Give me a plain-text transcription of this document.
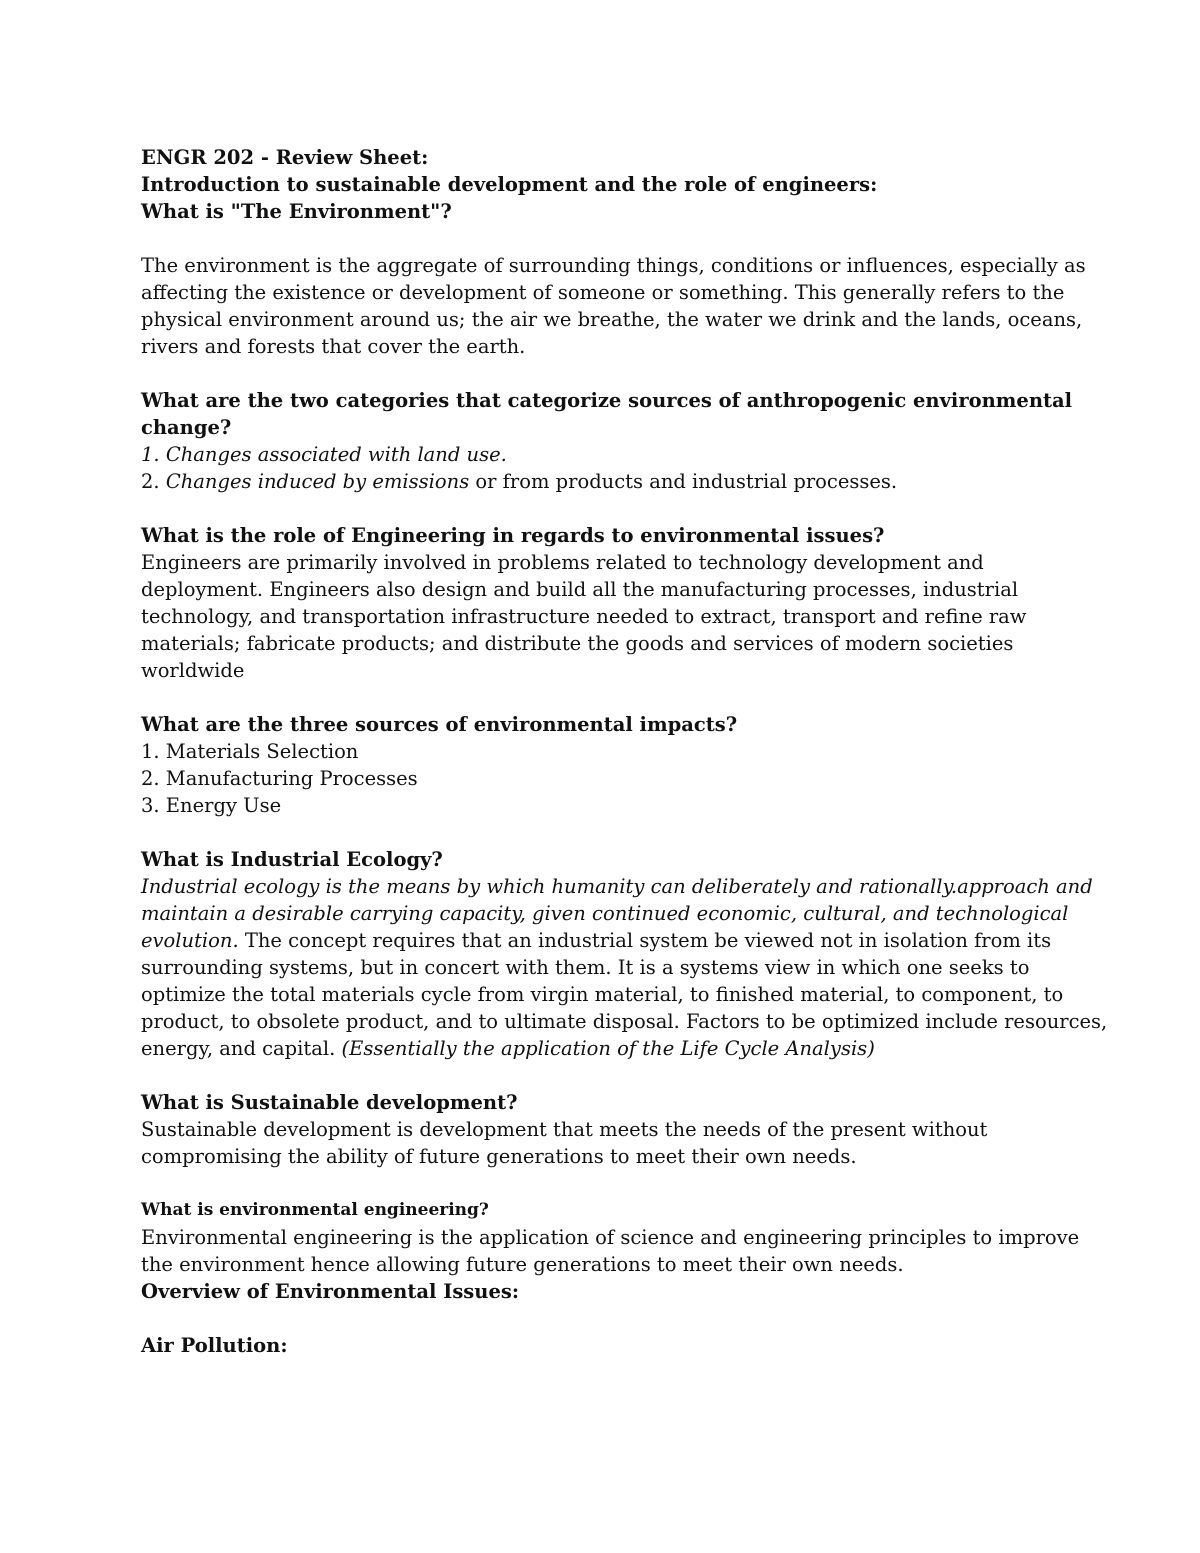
ENGR 202 - Review Sheet:

Introduction to sustainable development and the role of engineers:

What is "The Environment"?

The environment is the aggregate of surrounding things, conditions or influences, especially as

affecting the existence or development of someone or something. This generally refers to the

physical environment around us; the air we breathe, the water we drink and the lands, oceans,

rivers and forests that cover the earth.

What are the two categories that categorize sources of anthropogenic environmental

change?

1. Changes associated with land use.

2. Changes induced by emissions or from products and industrial processes.

What is the role of Engineering in regards to environmental issues?

Engineers are primarily involved in problems related to technology development and

deployment. Engineers also design and build all the manufacturing processes, industrial

technology, and transportation infrastructure needed to extract, transport and refine raw

materials; fabricate products; and distribute the goods and services of modern societies

worldwide

What are the three sources of environmental impacts?

1. Materials Selection

2. Manufacturing Processes

3. Energy Use

What is Industrial Ecology?

Industrial ecology is the means by which humanity can deliberately and rationally.approach and

maintain a desirable carrying capacity, given continued economic, cultural, and technological

evolution. The concept requires that an industrial system be viewed not in isolation from its

surrounding systems, but in concert with them. It is a systems view in which one seeks to

optimize the total materials cycle from virgin material, to finished material, to component, to

product, to obsolete product, and to ultimate disposal. Factors to be optimized include resources,

energy, and capital. (Essentially the application of the Life Cycle Analysis)

What is Sustainable development?

Sustainable development is development that meets the needs of the present without

compromising the ability of future generations to meet their own needs.

What is environmental engineering?

Environmental engineering is the application of science and engineering principles to improve

the environment hence allowing future generations to meet their own needs.

Overview of Environmental Issues:

Air Pollution:
